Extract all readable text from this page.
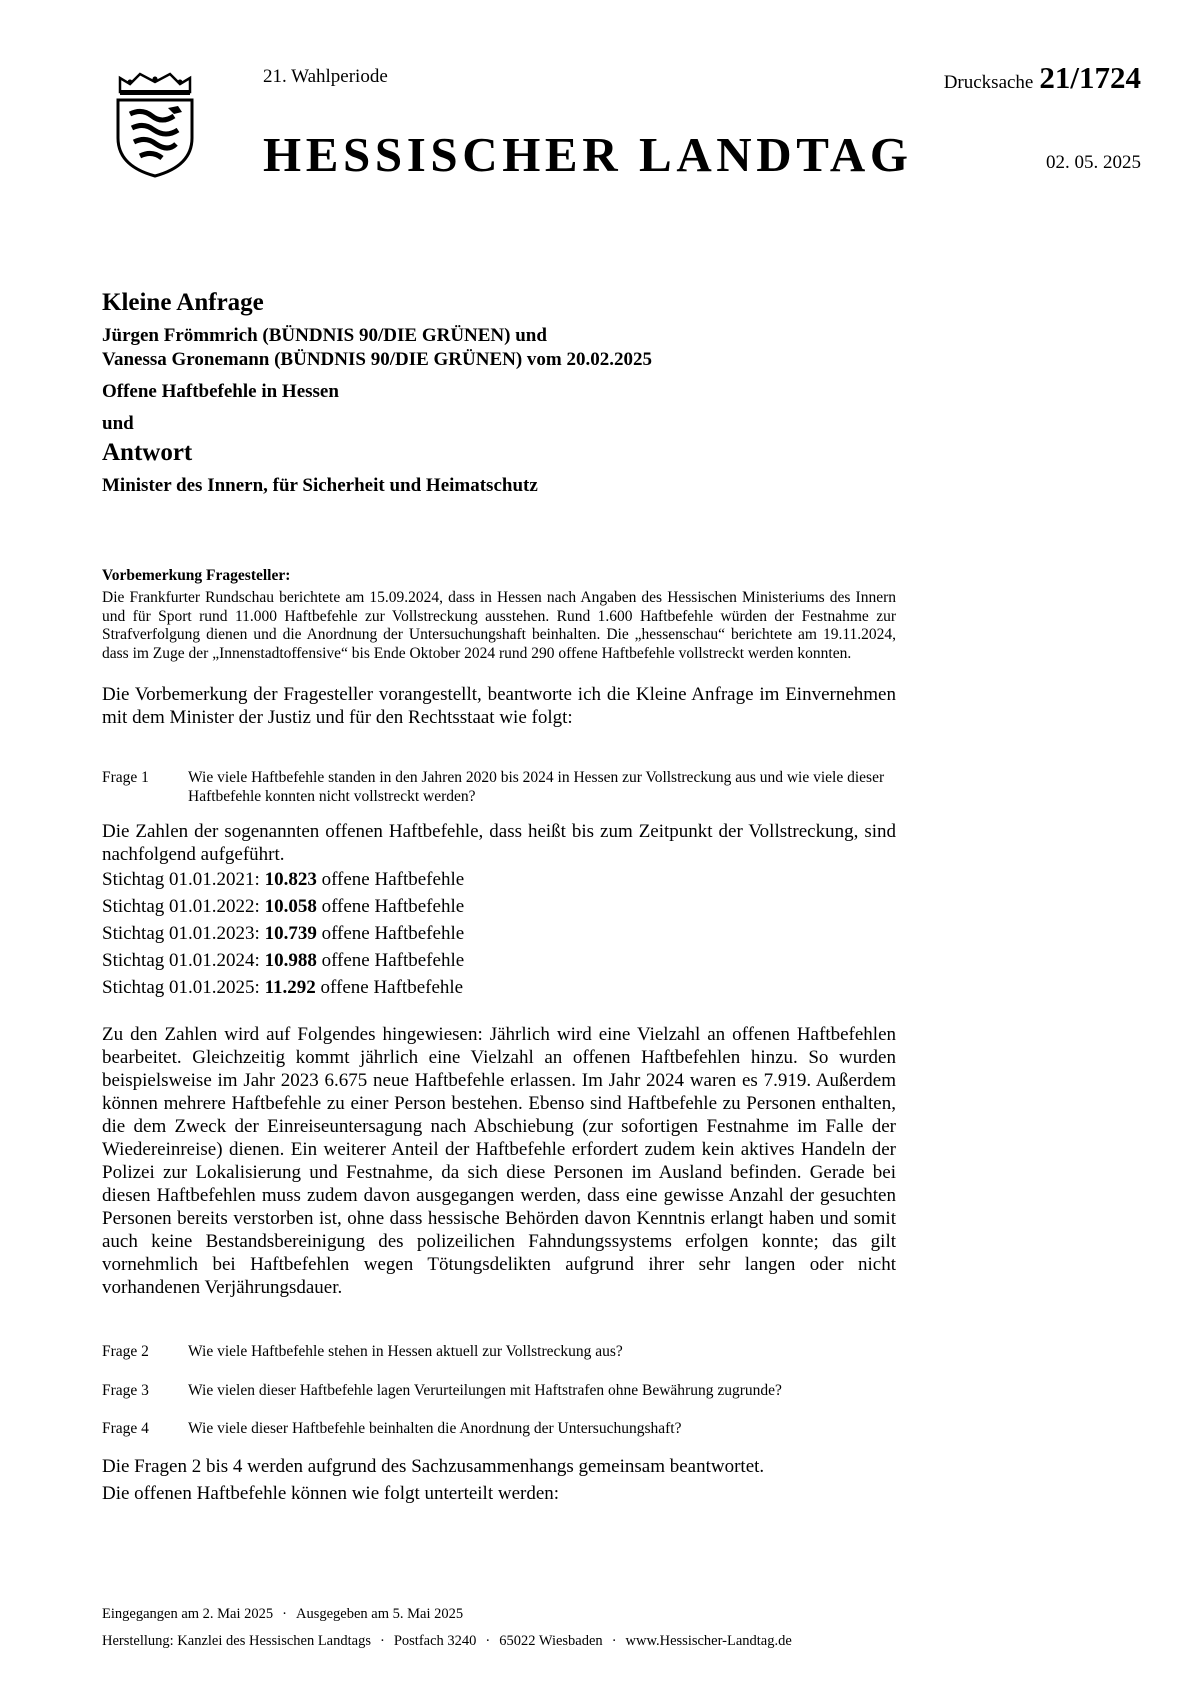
21. Wahlperiode	Drucksache 21/1724
HESSISCHER LANDTAG	02. 05. 2025
Kleine Anfrage
Jürgen Frömmrich (BÜNDNIS 90/DIE GRÜNEN) und
Vanessa Gronemann (BÜNDNIS 90/DIE GRÜNEN) vom 20.02.2025
Offene Haftbefehle in Hessen
und
Antwort
Minister des Innern, für Sicherheit und Heimatschutz
Vorbemerkung Fragesteller:

Die Frankfurter Rundschau berichtete am 15.09.2024, dass in Hessen nach Angaben des Hessischen Ministeriums des Innern und für Sport rund 11.000 Haftbefehle zur Vollstreckung ausstehen. Rund 1.600 Haftbefehle würden der Festnahme zur Strafverfolgung dienen und die Anordnung der Untersuchungshaft beinhalten. Die „hessenschau“ berichtete am 19.11.2024, dass im Zuge der „Innenstadtoffensive“ bis Ende Oktober 2024 rund 290 offene Haftbefehle vollstreckt werden konnten.

Die Vorbemerkung der Fragesteller vorangestellt, beantworte ich die Kleine Anfrage im Einvernehmen mit dem Minister der Justiz und für den Rechtsstaat wie folgt:

Frage 1	Wie viele Haftbefehle standen in den Jahren 2020 bis 2024 in Hessen zur Vollstreckung aus und wie viele dieser Haftbefehle konnten nicht vollstreckt werden?

Die Zahlen der sogenannten offenen Haftbefehle, dass heißt bis zum Zeitpunkt der Vollstreckung, sind nachfolgend aufgeführt.

Stichtag 01.01.2021: 10.823 offene Haftbefehle
Stichtag 01.01.2022: 10.058 offene Haftbefehle
Stichtag 01.01.2023: 10.739 offene Haftbefehle
Stichtag 01.01.2024: 10.988 offene Haftbefehle
Stichtag 01.01.2025: 11.292 offene Haftbefehle

Zu den Zahlen wird auf Folgendes hingewiesen: Jährlich wird eine Vielzahl an offenen Haftbefehlen bearbeitet. Gleichzeitig kommt jährlich eine Vielzahl an offenen Haftbefehlen hinzu. So wurden beispielsweise im Jahr 2023 6.675 neue Haftbefehle erlassen. Im Jahr 2024 waren es 7.919. Außerdem können mehrere Haftbefehle zu einer Person bestehen. Ebenso sind Haftbefehle zu Personen enthalten, die dem Zweck der Einreiseuntersagung nach Abschiebung (zur sofortigen Festnahme im Falle der Wiedereinreise) dienen. Ein weiterer Anteil der Haftbefehle erfordert zudem kein aktives Handeln der Polizei zur Lokalisierung und Festnahme, da sich diese Personen im Ausland befinden. Gerade bei diesen Haftbefehlen muss zudem davon ausgegangen werden, dass eine gewisse Anzahl der gesuchten Personen bereits verstorben ist, ohne dass hessische Behörden davon Kenntnis erlangt haben und somit auch keine Bestandsbereinigung des polizeilichen Fahndungssystems erfolgen konnte; das gilt vornehmlich bei Haftbefehlen wegen Tötungsdelikten aufgrund ihrer sehr langen oder nicht vorhandenen Verjährungsdauer.

Frage 2	Wie viele Haftbefehle stehen in Hessen aktuell zur Vollstreckung aus?
Frage 3	Wie vielen dieser Haftbefehle lagen Verurteilungen mit Haftstrafen ohne Bewährung zugrunde?
Frage 4	Wie viele dieser Haftbefehle beinhalten die Anordnung der Untersuchungshaft?

Die Fragen 2 bis 4 werden aufgrund des Sachzusammenhangs gemeinsam beantwortet.

Die offenen Haftbefehle können wie folgt unterteilt werden:

Eingegangen am 2. Mai 2025 · Ausgegeben am 5. Mai 2025
Herstellung: Kanzlei des Hessischen Landtags · Postfach 3240 · 65022 Wiesbaden · www.Hessischer-Landtag.de
